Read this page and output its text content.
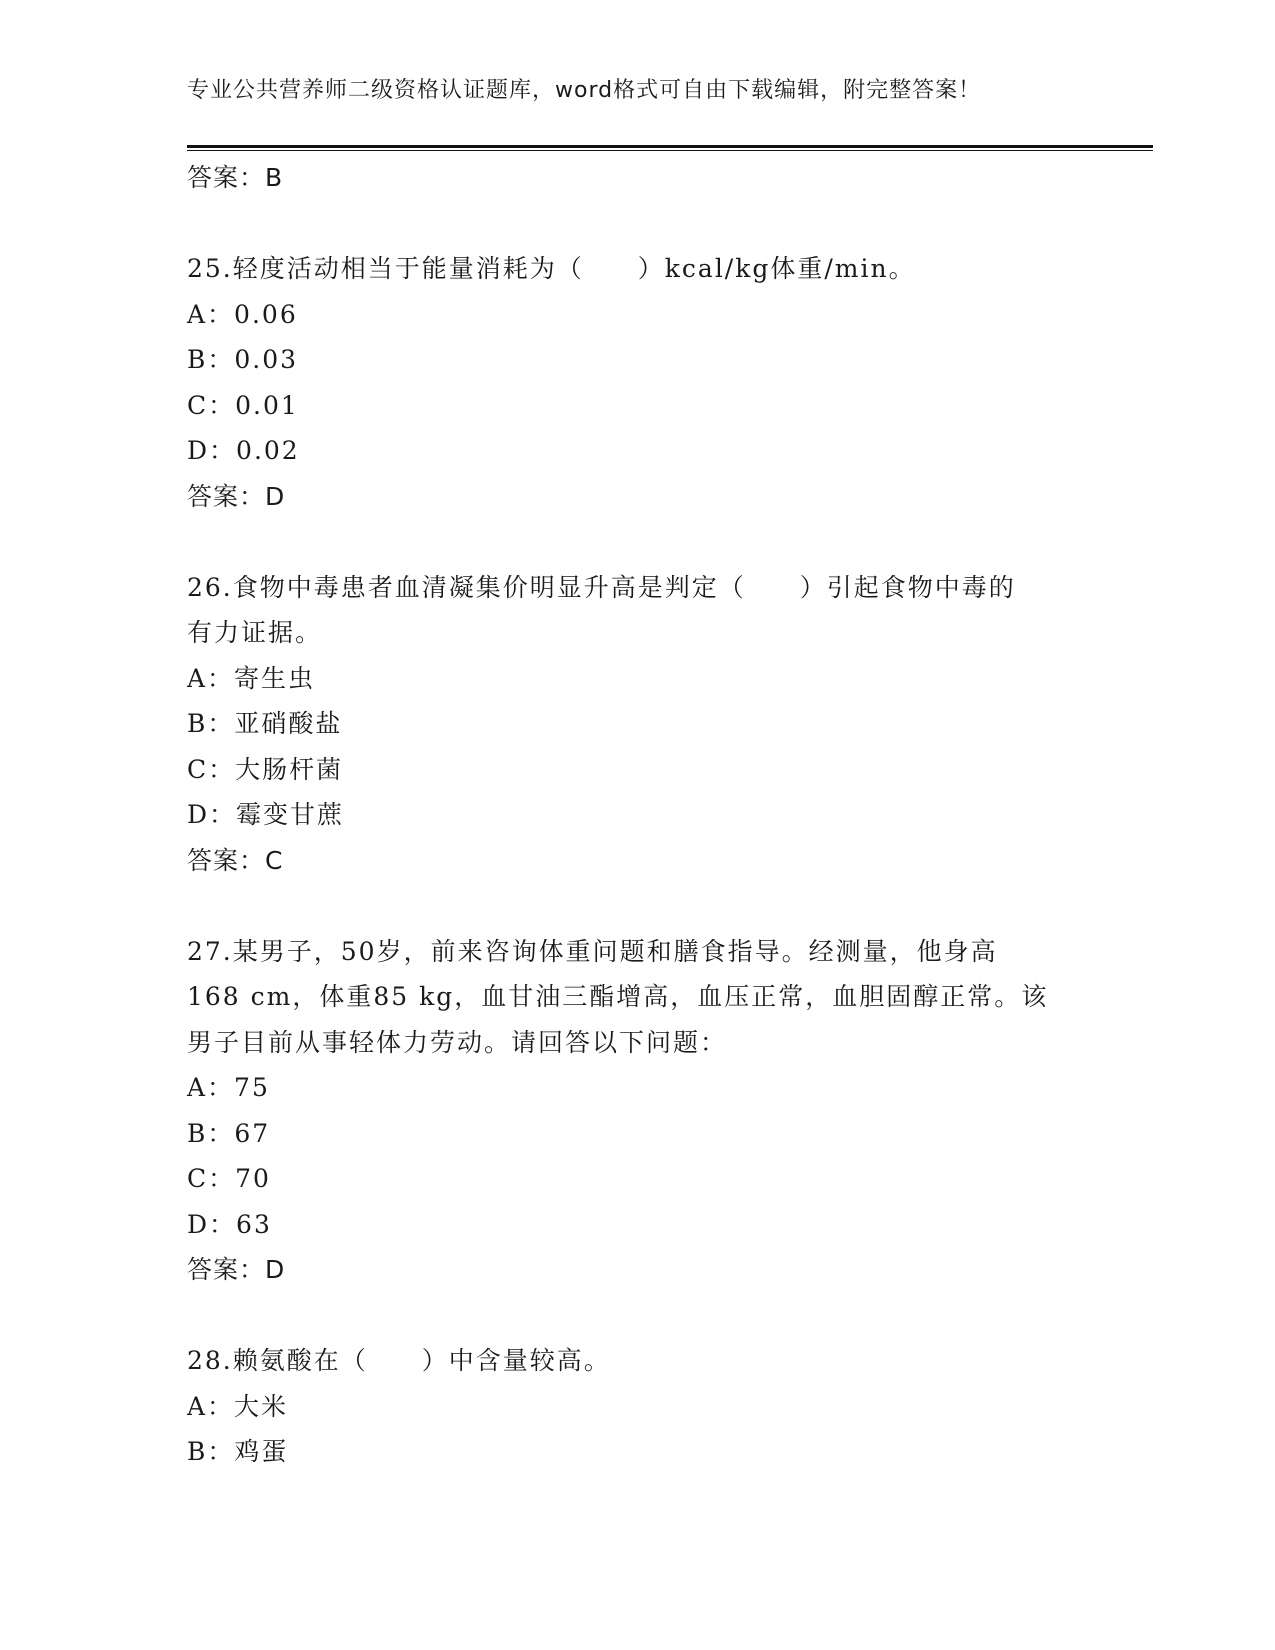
专业公共营养师二级资格认证题库，word格式可自由下载编辑，附完整答案！
答案：B
25.轻度活动相当于能量消耗为（　　）kcal/kg体重/min。
A：0.06
B：0.03
C：0.01
D：0.02
答案：D
26.食物中毒患者血清凝集价明显升高是判定（　　）引起食物中毒的
有力证据。
A：寄生虫
B：亚硝酸盐
C：大肠杆菌
D：霉变甘蔗
答案：C
27.某男子，50岁，前来咨询体重问题和膳食指导。经测量，他身高
168 cm，体重85 kg，血甘油三酯增高，血压正常，血胆固醇正常。该
男子目前从事轻体力劳动。请回答以下问题：
A：75
B：67
C：70
D：63
答案：D
28.赖氨酸在（　　）中含量较高。
A：大米
B：鸡蛋
